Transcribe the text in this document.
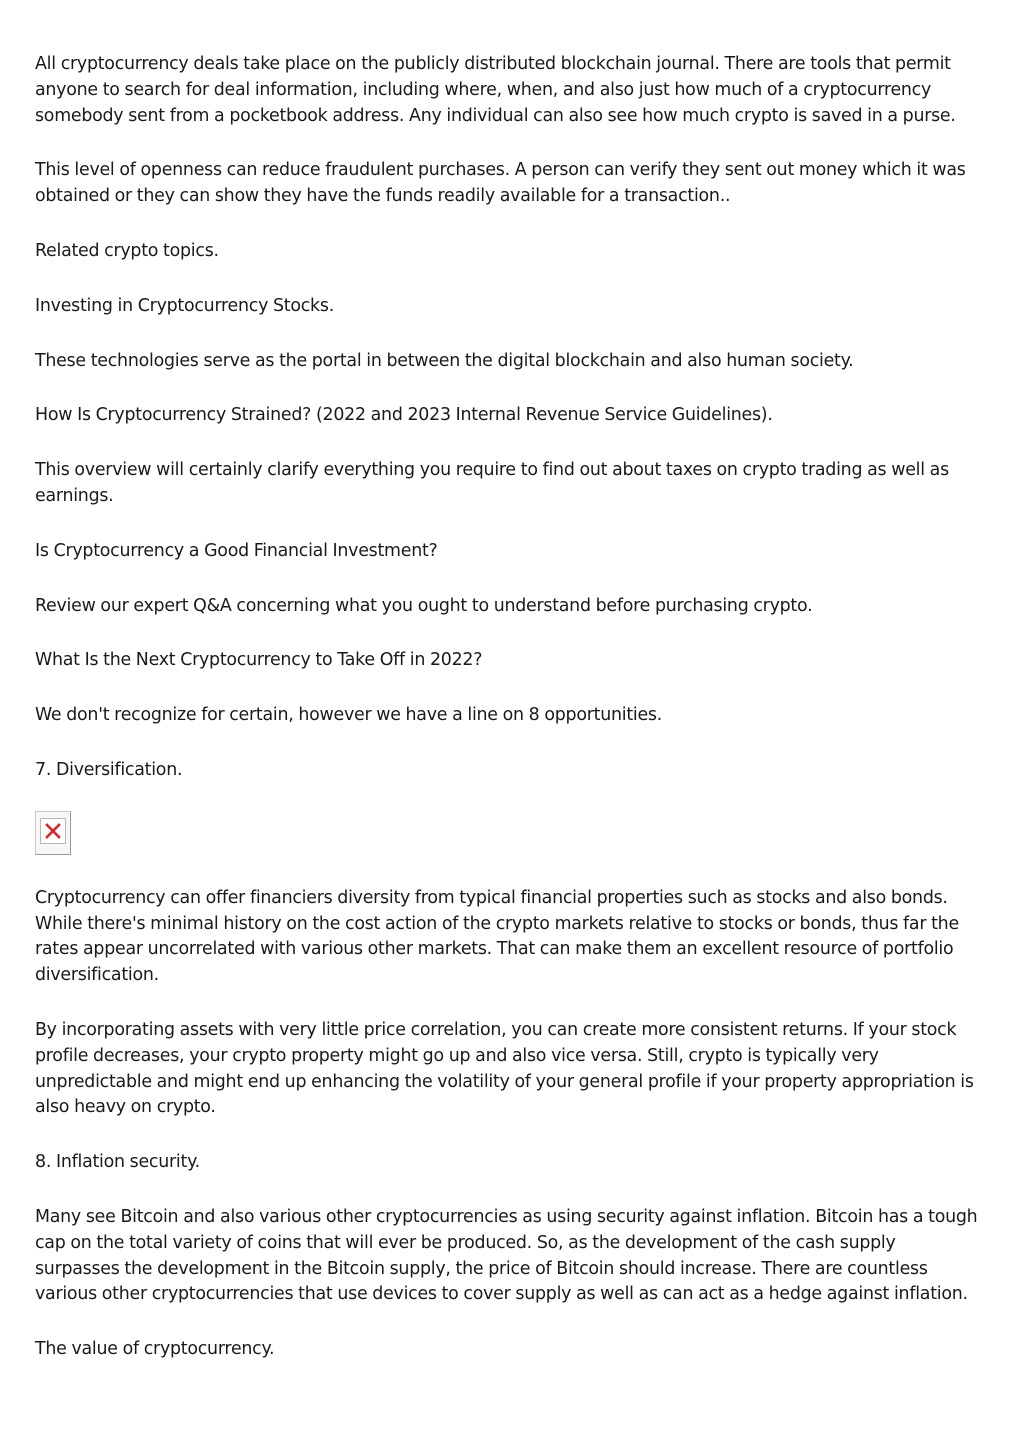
All cryptocurrency deals take place on the publicly distributed blockchain journal. There are tools that permit anyone to search for deal information, including where, when, and also just how much of a cryptocurrency somebody sent from a pocketbook address. Any individual can also see how much crypto is saved in a purse.

This level of openness can reduce fraudulent purchases. A person can verify they sent out money which it was obtained or they can show they have the funds readily available for a transaction..

Related crypto topics.

Investing in Cryptocurrency Stocks.

These technologies serve as the portal in between the digital blockchain and also human society.

How Is Cryptocurrency Strained? (2022 and 2023 Internal Revenue Service Guidelines).

This overview will certainly clarify everything you require to find out about taxes on crypto trading as well as earnings.

Is Cryptocurrency a Good Financial Investment?

Review our expert Q&A concerning what you ought to understand before purchasing crypto.

What Is the Next Cryptocurrency to Take Off in 2022?

We don't recognize for certain, however we have a line on 8 opportunities.

7. Diversification.

Cryptocurrency can offer financiers diversity from typical financial properties such as stocks and also bonds. While there's minimal history on the cost action of the crypto markets relative to stocks or bonds, thus far the rates appear uncorrelated with various other markets. That can make them an excellent resource of portfolio diversification.

By incorporating assets with very little price correlation, you can create more consistent returns. If your stock profile decreases, your crypto property might go up and also vice versa. Still, crypto is typically very unpredictable and might end up enhancing the volatility of your general profile if your property appropriation is also heavy on crypto.

8. Inflation security.

Many see Bitcoin and also various other cryptocurrencies as using security against inflation. Bitcoin has a tough cap on the total variety of coins that will ever be produced. So, as the development of the cash supply surpasses the development in the Bitcoin supply, the price of Bitcoin should increase. There are countless various other cryptocurrencies that use devices to cover supply as well as can act as a hedge against inflation.

The value of cryptocurrency.
